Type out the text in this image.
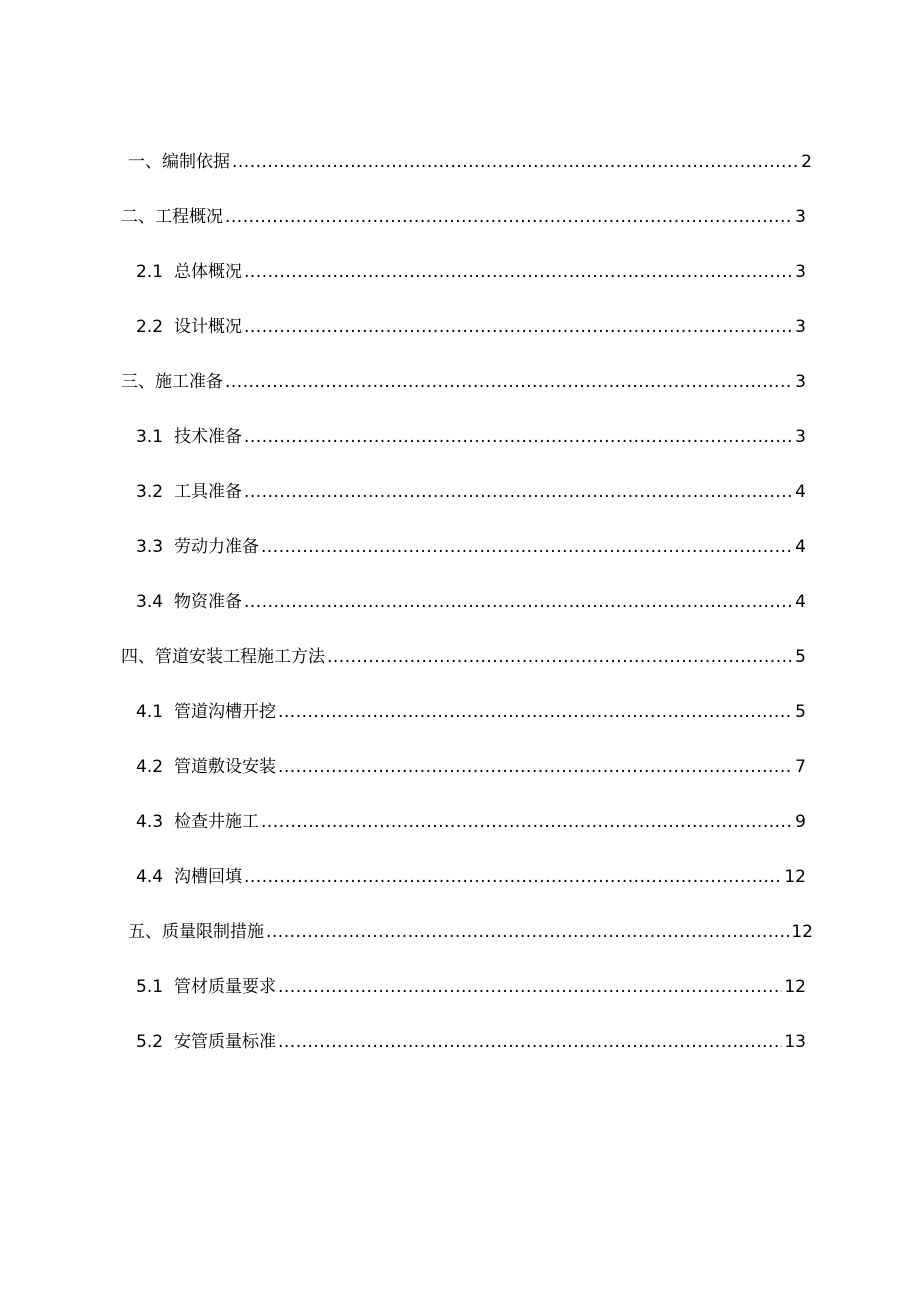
一、编制依据 .....	2
二、工程概况 .....	3
2.1 总体概况 .....	3
2.2 设计概况 .....	3
三、施工准备 .....	3
3.1 技术准备 .....	3
3.2 工具准备 .....	4
3.3 劳动力准备 .....	4
3.4 物资准备 .....	4
四、管道安装工程施工方法 .....	5
4.1 管道沟槽开挖 .....	5
4.2 管道敷设安装 .....	7
4.3 检查井施工 .....	9
4.4 沟槽回填 .....	12
五、质量限制措施 .....	12
5.1 管材质量要求 .....	12
5.2 安管质量标准 .....	13
